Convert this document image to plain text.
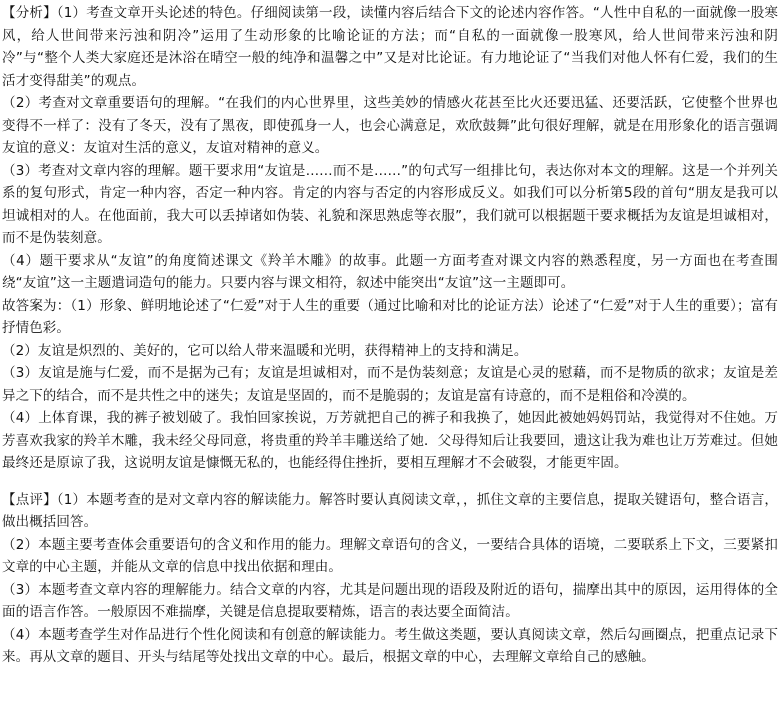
【分析】（1）考查文章开头论述的特色。仔细阅读第一段，读懂内容后结合下文的论述内容作答。“人性中自私的一面就像一股寒风，给人世间带来污浊和阴冷”运用了生动形象的比喻论证的方法；而“自私的一面就像一股寒风，给人世间带来污浊和阴冷”与“整个人类大家庭还是沐浴在晴空一般的纯净和温馨之中”又是对比论证。有力地论证了“当我们对他人怀有仁爱，我们的生活才变得甜美”的观点。

（2）考查对文章重要语句的理解。“在我们的内心世界里，这些美妙的情感火花甚至比火还要迅猛、还要活跃，它使整个世界也变得不一样了：没有了冬天，没有了黑夜，即使孤身一人，也会心满意足，欢欣鼓舞”此句很好理解，就是在用形象化的语言强调友谊的意义：友谊对生活的意义，友谊对精神的意义。

（3）考查对文章内容的理解。题干要求用“友谊是……而不是……”的句式写一组排比句，表达你对本文的理解。这是一个并列关系的复句形式，肯定一种内容，否定一种内容。肯定的内容与否定的内容形成反义。如我们可以分析第5段的首句“朋友是我可以坦诚相对的人。在他面前，我大可以丢掉诸如伪装、礼貌和深思熟虑等衣服”，我们就可以根据题干要求概括为友谊是坦诚相对，而不是伪装刻意。

（4）题干要求从“友谊”的角度简述课文《羚羊木雕》的故事。此题一方面考查对课文内容的熟悉程度，另一方面也在考查围绕“友谊”这一主题遣词造句的能力。只要内容与课文相符，叙述中能突出“友谊”这一主题即可。

故答案为：（1）形象、鲜明地论述了“仁爱”对于人生的重要（通过比喻和对比的论证方法）论述了“仁爱”对于人生的重要）；富有抒情色彩。

（2）友谊是炽烈的、美好的，它可以给人带来温暖和光明，获得精神上的支持和满足。

（3）友谊是施与仁爱，而不是据为己有；友谊是坦诚相对，而不是伪装刻意；友谊是心灵的慰藉，而不是物质的欲求；友谊是差异之下的结合，而不是共性之中的迷失；友谊是坚固的，而不是脆弱的；友谊是富有诗意的，而不是粗俗和冷漠的。

（4）上体育课，我的裤子被划破了。我怕回家挨说，万芳就把自己的裤子和我换了，她因此被她妈妈罚站，我觉得对不住她。万芳喜欢我家的羚羊木雕，我未经父母同意，将贵重的羚羊丰雕送给了她．父母得知后让我要回，遗这让我为难也让万芳难过。但她最终还是原谅了我，这说明友谊是慷慨无私的，也能经得住挫折，要相互理解才不会破裂，才能更牢固。

【点评】（1）本题考查的是对文章内容的解读能力。解答时要认真阅读文章，，抓住文章的主要信息，提取关键语句，整合语言，做出概括回答。

（2）本题主要考查体会重要语句的含义和作用的能力。理解文章语句的含义，一要结合具体的语境，二要联系上下文，三要紧扣文章的中心主题，并能从文章的信息中找出依据和理由。

（3）本题考查文章内容的理解能力。结合文章的内容，尤其是问题出现的语段及附近的语句，揣摩出其中的原因，运用得体的全面的语言作答。一般原因不难揣摩，关键是信息提取要精炼，语言的表达要全面简洁。

（4）本题考查学生对作品进行个性化阅读和有创意的解读能力。考生做这类题，要认真阅读文章，然后勾画圈点，把重点记录下来。再从文章的题目、开头与结尾等处找出文章的中心。最后，根据文章的中心，去理解文章给自己的感触。
